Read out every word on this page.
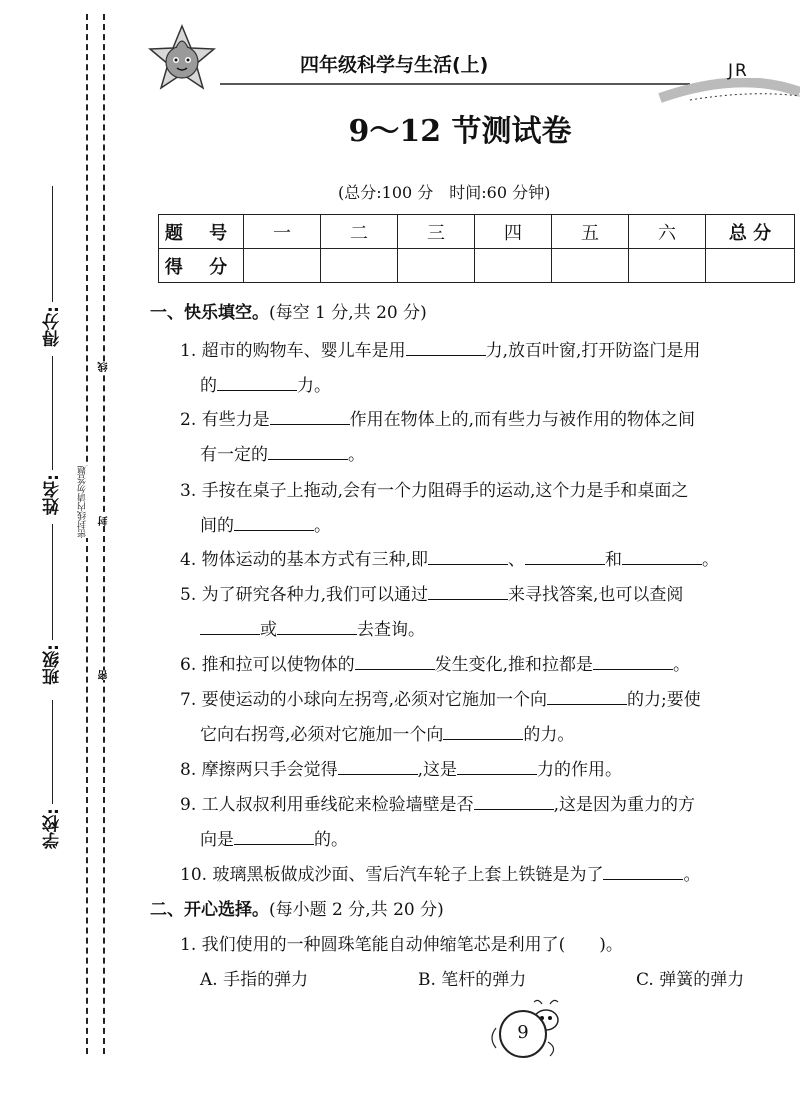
学校:
班级:
姓名:
得分:
密封线内请勿答题
线
封
密
四年级科学与生活(上)	JR
9～12 节测试卷
(总分:100 分　时间:60 分钟)
题 号	一	二	三	四	五	六	总 分
得 分							
一、快乐填空。(每空 1 分,共 20 分)
1. 超市的购物车、婴儿车是用	力,放百叶窗,打开防盗门是用
的	力。
2. 有些力是	作用在物体上的,而有些力与被作用的物体之间
有一定的	。
3. 手按在桌子上拖动,会有一个力阻碍手的运动,这个力是手和桌面之
间的	。
4. 物体运动的基本方式有三种,即	、	和	。
5. 为了研究各种力,我们可以通过	来寻找答案,也可以查阅
或	去查询。
6. 推和拉可以使物体的	发生变化,推和拉都是	。
7. 要使运动的小球向左拐弯,必须对它施加一个向	的力;要使
它向右拐弯,必须对它施加一个向	的力。
8. 摩擦两只手会觉得	,这是	力的作用。
9. 工人叔叔利用垂线砣来检验墙壁是否	,这是因为重力的方
向是	的。
10. 玻璃黑板做成沙面、雪后汽车轮子上套上铁链是为了	。
二、开心选择。(每小题 2 分,共 20 分)
1. 我们使用的一种圆珠笔能自动伸缩笔芯是利用了(　　)。
A. 手指的弹力	B. 笔杆的弹力	C. 弹簧的弹力
9
